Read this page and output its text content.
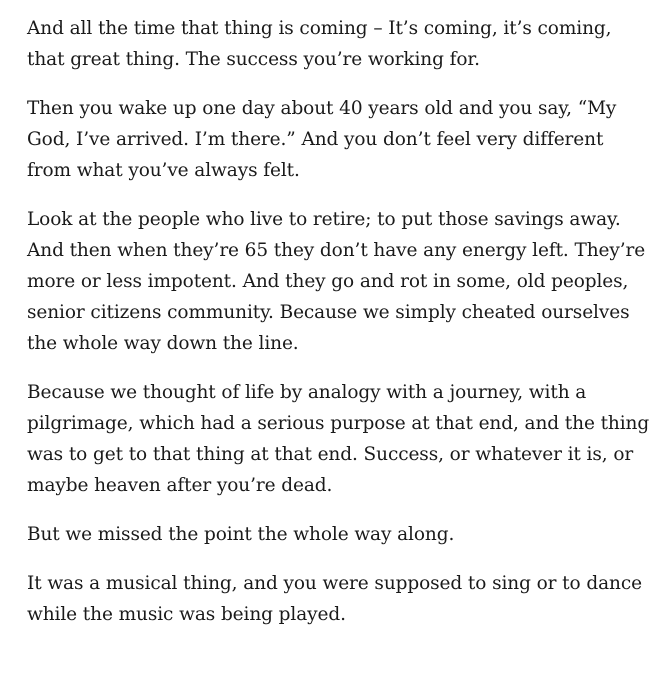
And all the time that thing is coming – It’s coming, it’s coming,
that great thing. The success you’re working for.

Then you wake up one day about 40 years old and you say, “My
God, I’ve arrived. I’m there.” And you don’t feel very different
from what you’ve always felt.

Look at the people who live to retire; to put those savings away.
And then when they’re 65 they don’t have any energy left. They’re
more or less impotent. And they go and rot in some, old peoples,
senior citizens community. Because we simply cheated ourselves
the whole way down the line.

Because we thought of life by analogy with a journey, with a
pilgrimage, which had a serious purpose at that end, and the thing
was to get to that thing at that end. Success, or whatever it is, or
maybe heaven after you’re dead.

But we missed the point the whole way along.

It was a musical thing, and you were supposed to sing or to dance
while the music was being played.
